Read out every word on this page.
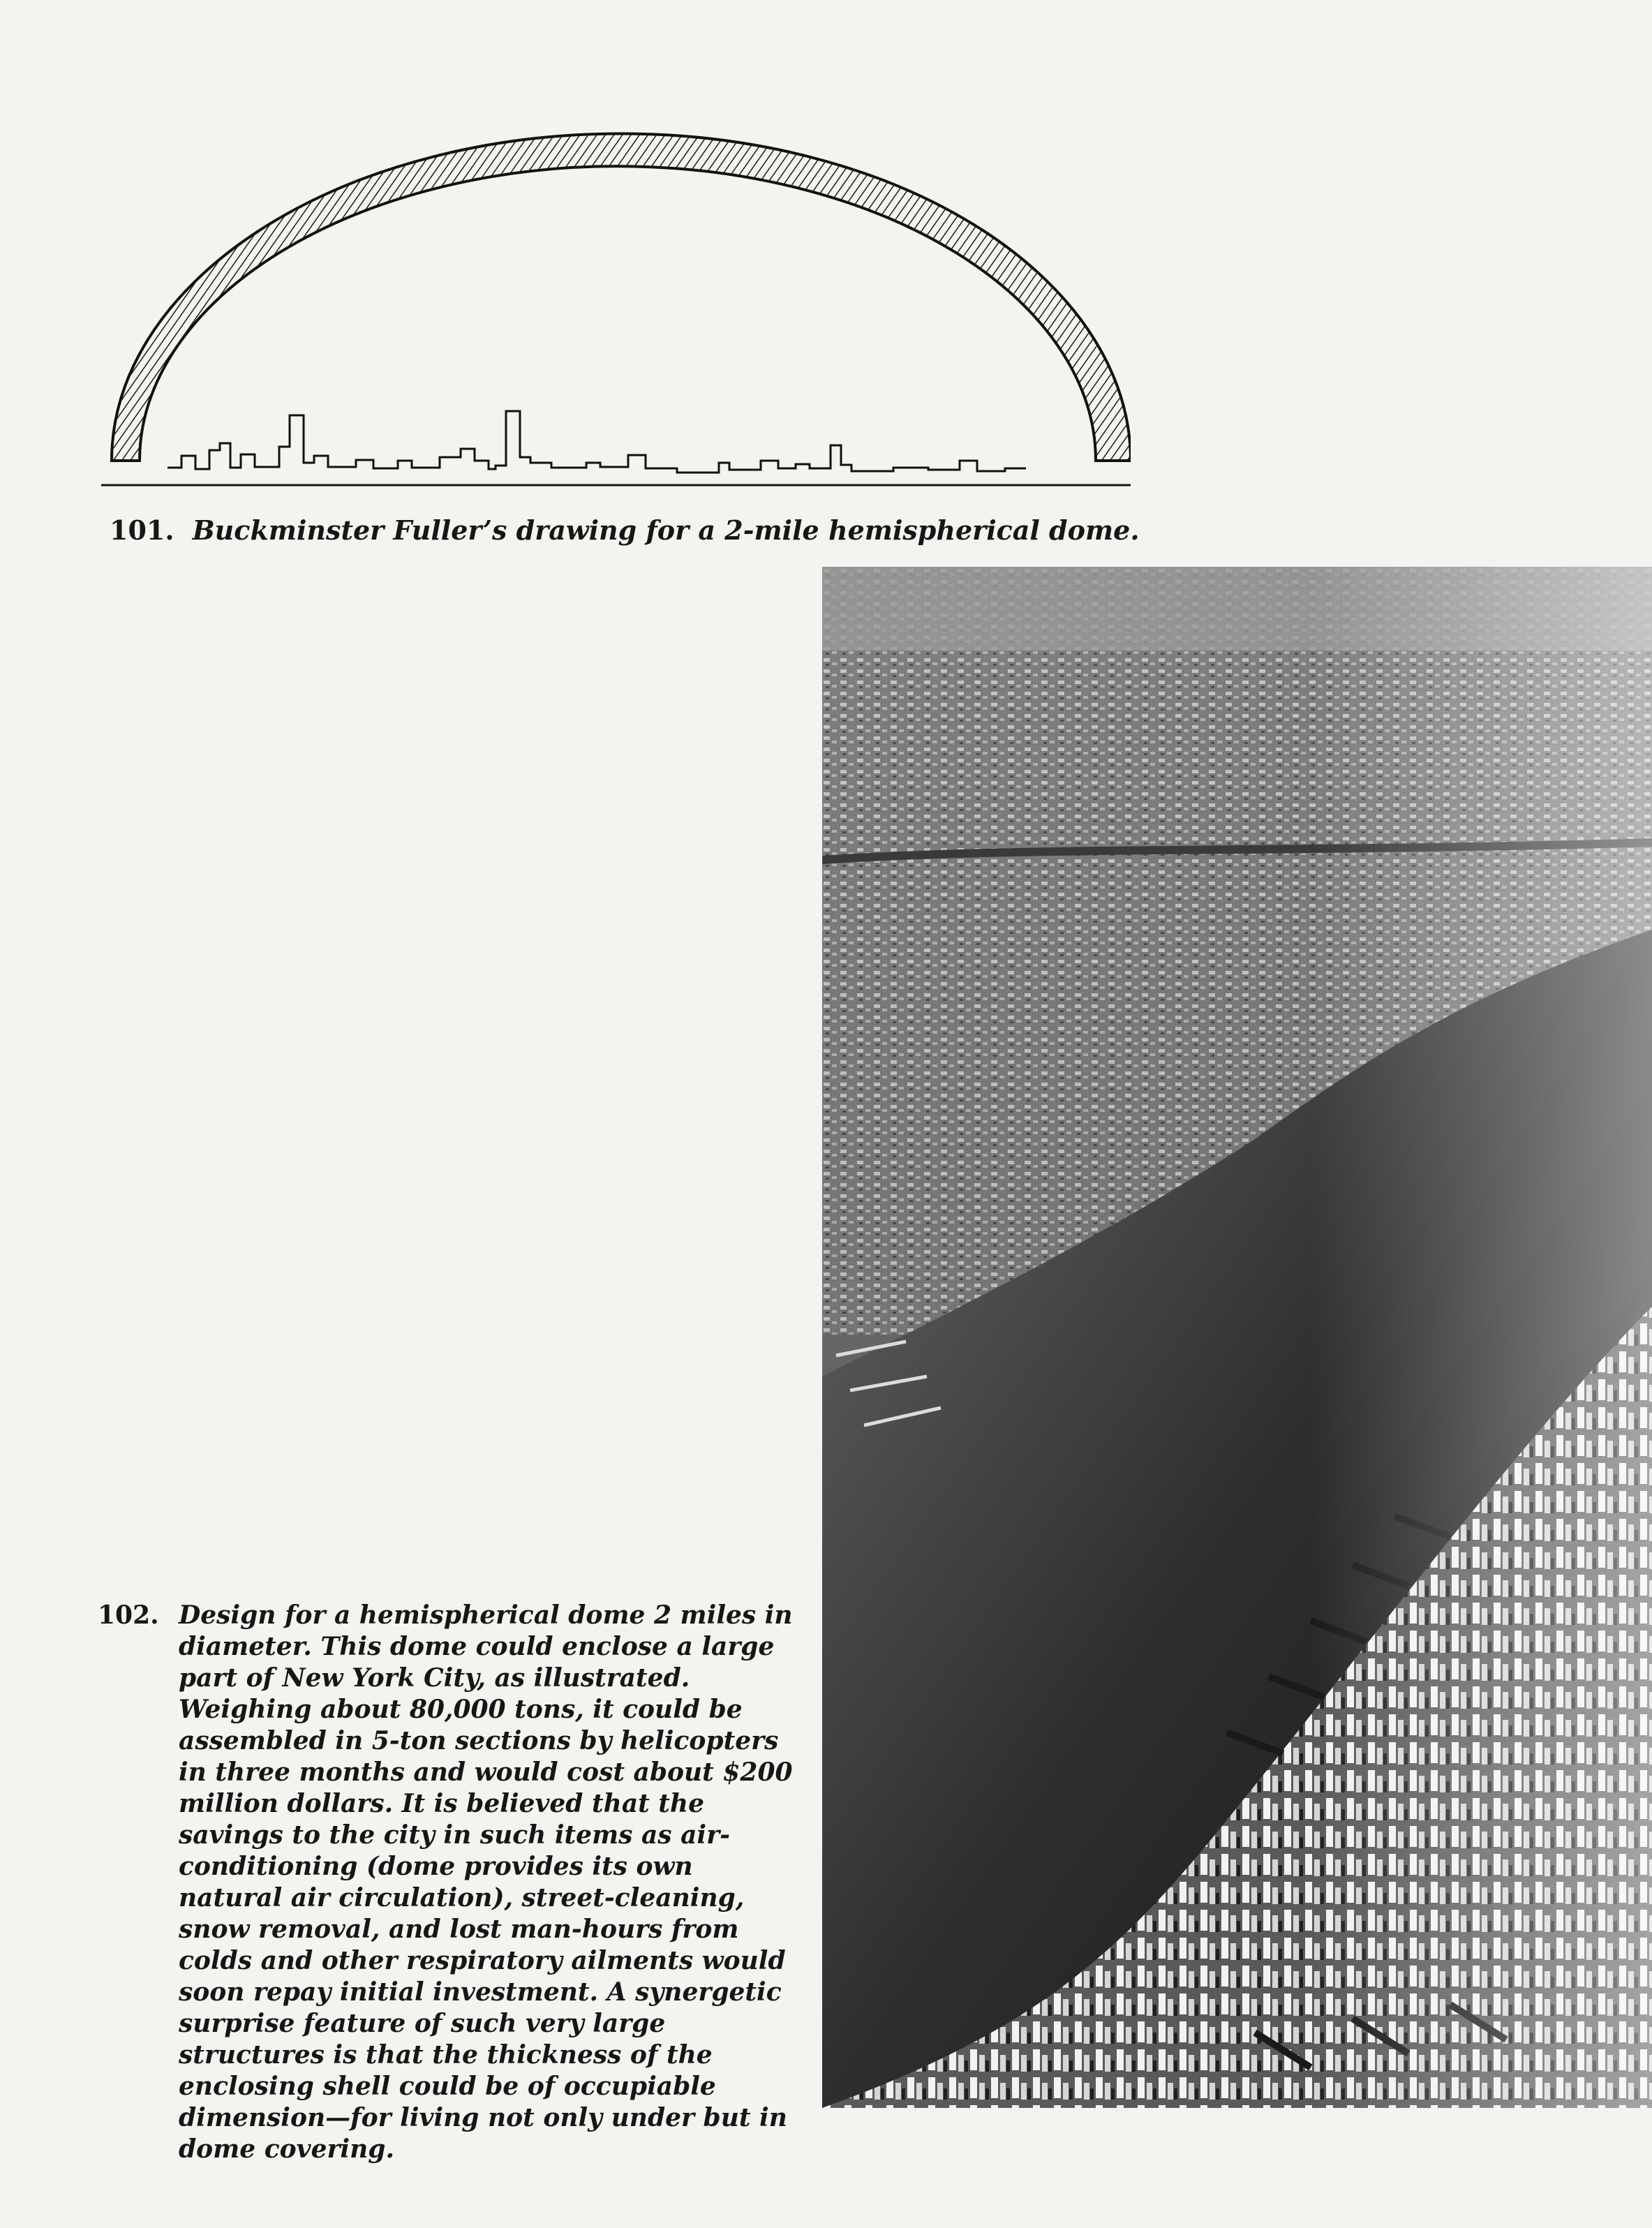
101. Buckminster Fuller’s drawing for a 2-mile hemispherical dome.
102. Design for a hemispherical dome 2 miles in diameter. This dome could enclose a large part of New York City, as illustrated. Weighing about 80,000 tons, it could be assembled in 5-ton sections by helicopters in three months and would cost about $200 million dollars. It is believed that the savings to the city in such items as air-conditioning (dome provides its own natural air circulation), street-cleaning, snow removal, and lost man-hours from colds and other respiratory ailments would soon repay initial investment. A synergetic surprise feature of such very large structures is that the thickness of the enclosing shell could be of occupiable dimension—for living not only under but in dome covering.
